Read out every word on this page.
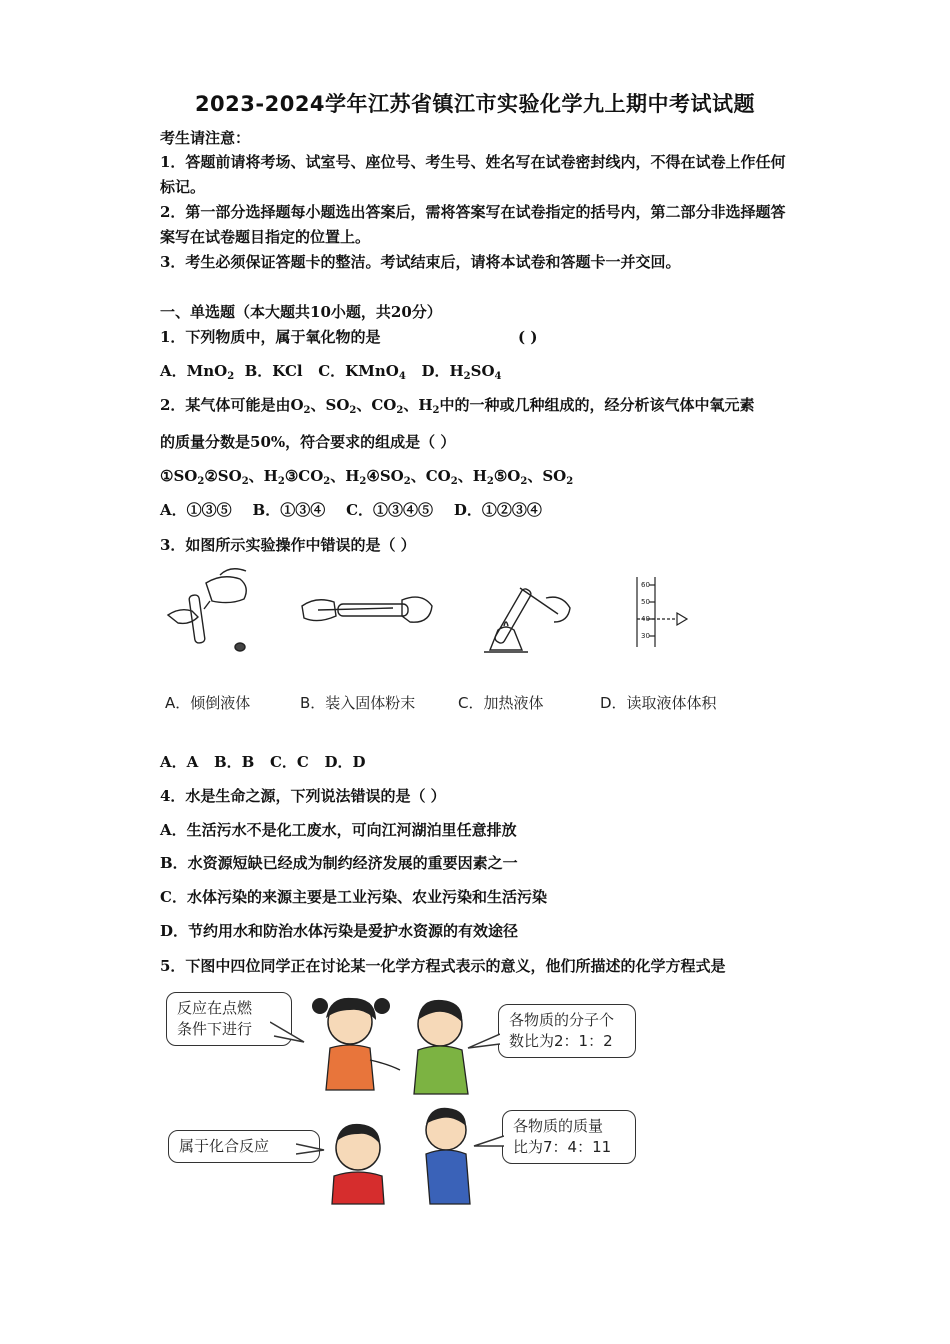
2023-2024学年江苏省镇江市实验化学九上期中考试试题
考生请注意：
1．答题前请将考场、试室号、座位号、考生号、姓名写在试卷密封线内，不得在试卷上作任何标记。
2．第一部分选择题每小题选出答案后，需将答案写在试卷指定的括号内，第二部分非选择题答案写在试卷题目指定的位置上。
3．考生必须保证答题卡的整洁。考试结束后，请将本试卷和答题卡一并交回。
一、单选题（本大题共10小题，共20分）
1．下列物质中，属于氧化物的是	( )
A．MnO$_2$  B．KCl   C．KMnO$_4$   D．$H_2SO_4$
2．某气体可能是由$O_2$、$SO_2$、$CO_2$、$H_2$中的一种或几种组成的，经分析该气体中氧元素
的质量分数是50%，符合要求的组成是（ ）
$①SO_2②SO_2$、$H_2③CO_2$、$H_2④SO_2$、$CO_2$、$H_2⑤O_2$、$SO_2$
A．①③⑤    B．①③④    C．①③④⑤    D．①②③④
3．如图所示实验操作中错误的是（ ）
60
50
40
30
A．倾倒液体	B．装入固体粉末	C．加热液体	D．读取液体体积
A．A   B．B   C．C   D．D
4．水是生命之源，下列说法错误的是（ ）
A．生活污水不是化工废水，可向江河湖泊里任意排放
B．水资源短缺已经成为制约经济发展的重要因素之一
C．水体污染的来源主要是工业污染、农业污染和生活污染
D．节约用水和防治水体污染是爱护水资源的有效途径
5．下图中四位同学正在讨论某一化学方程式表示的意义，他们所描述的化学方程式是
反应在点燃
条件下进行	各物质的分子个
数比为2：1：2
属于化合反应
各物质的质量
比为7：4：11
